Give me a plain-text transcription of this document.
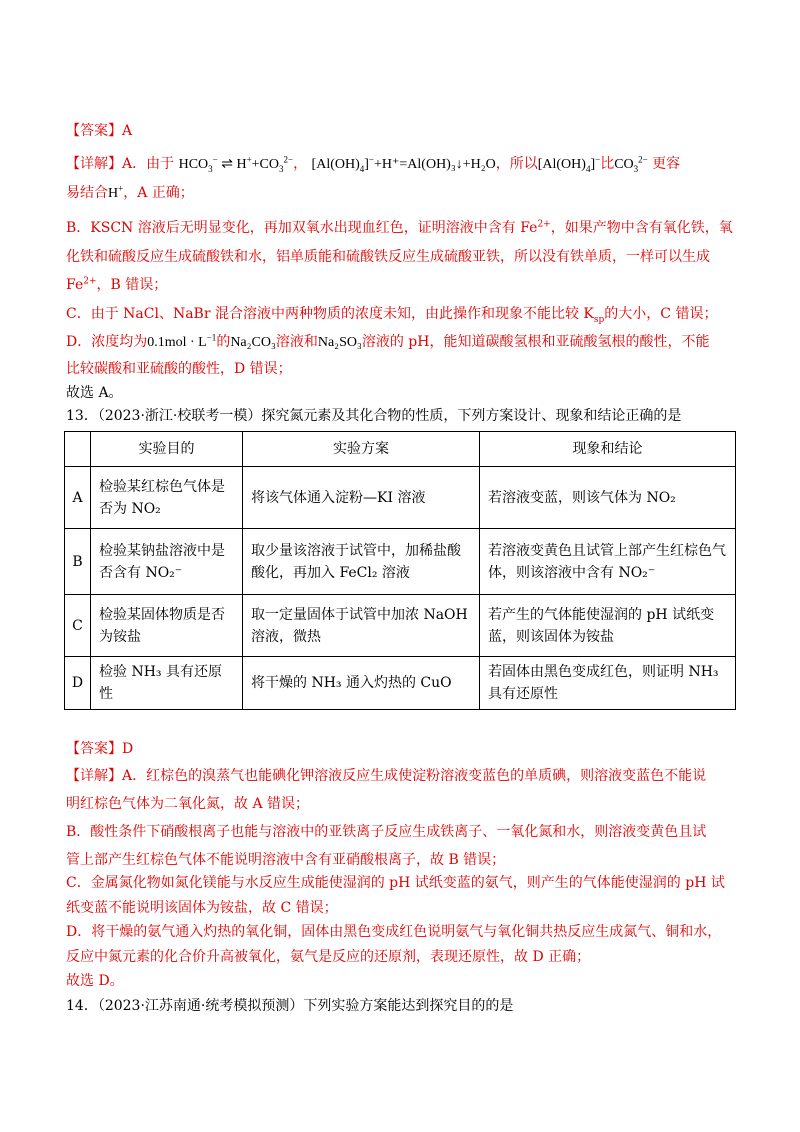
【答案】A
【详解】A．由于 $HCO_3^-$ ⇌ $H^++CO_3^{2-}$， $[Al(OH)_4]^-+H^+=Al(OH)_3↓+H_2O$，所以$[Al(OH)_4]^-$比$CO_3^{2-}$ 更容
易结合H+，A 正确；
B．KSCN 溶液后无明显变化，再加双氧水出现血红色，证明溶液中含有 $Fe^{2+}$，如果产物中含有氧化铁，氧
化铁和硫酸反应生成硫酸铁和水，铝单质能和硫酸铁反应生成硫酸亚铁，所以没有铁单质，一样可以生成
$Fe^{2+}$，B 错误；
C．由于 NaCl、NaBr 混合溶液中两种物质的浓度未知，由此操作和现象不能比较 $K_{sp}$的大小，C 错误；
D．浓度均为$0.1mol \cdot L^{-1}$的Na₂CO₃溶液和Na₂SO₃溶液的 pH，能知道碳酸氢根和亚硫酸氢根的酸性，不能
比较碳酸和亚硫酸的酸性，D 错误；
故选 A。
13．（2023·浙江·校联考一模）探究氮元素及其化合物的性质，下列方案设计、现象和结论正确的是
	实验目的	实验方案	现象和结论
A	检验某红棕色气体是否为 NO₂	将该气体通入淀粉—KI 溶液	若溶液变蓝，则该气体为 NO₂
B	检验某钠盐溶液中是否含有 NO₂⁻	取少量该溶液于试管中，加稀盐酸酸化，再加入 FeCl₂ 溶液	若溶液变黄色且试管上部产生红棕色气体，则该溶液中含有 NO₂⁻
C	检验某固体物质是否为铵盐	取一定量固体于试管中加浓 NaOH 溶液，微热	若产生的气体能使湿润的 pH 试纸变蓝，则该固体为铵盐
D	检验 NH₃ 具有还原性	将干燥的 NH₃ 通入灼热的 CuO	若固体由黑色变成红色，则证明 NH₃ 具有还原性
【答案】D
【详解】A．红棕色的溴蒸气也能碘化钾溶液反应生成使淀粉溶液变蓝色的单质碘，则溶液变蓝色不能说
明红棕色气体为二氧化氮，故 A 错误；
B．酸性条件下硝酸根离子也能与溶液中的亚铁离子反应生成铁离子、一氧化氮和水，则溶液变黄色且试
管上部产生红棕色气体不能说明溶液中含有亚硝酸根离子，故 B 错误；
C．金属氮化物如氮化镁能与水反应生成能使湿润的 pH 试纸变蓝的氨气，则产生的气体能使湿润的 pH 试
纸变蓝不能说明该固体为铵盐，故 C 错误；
D．将干燥的氨气通入灼热的氧化铜，固体由黑色变成红色说明氨气与氧化铜共热反应生成氮气、铜和水，
反应中氮元素的化合价升高被氧化，氨气是反应的还原剂，表现还原性，故 D 正确；
故选 D。
14．（2023·江苏南通·统考模拟预测）下列实验方案能达到探究目的的是
